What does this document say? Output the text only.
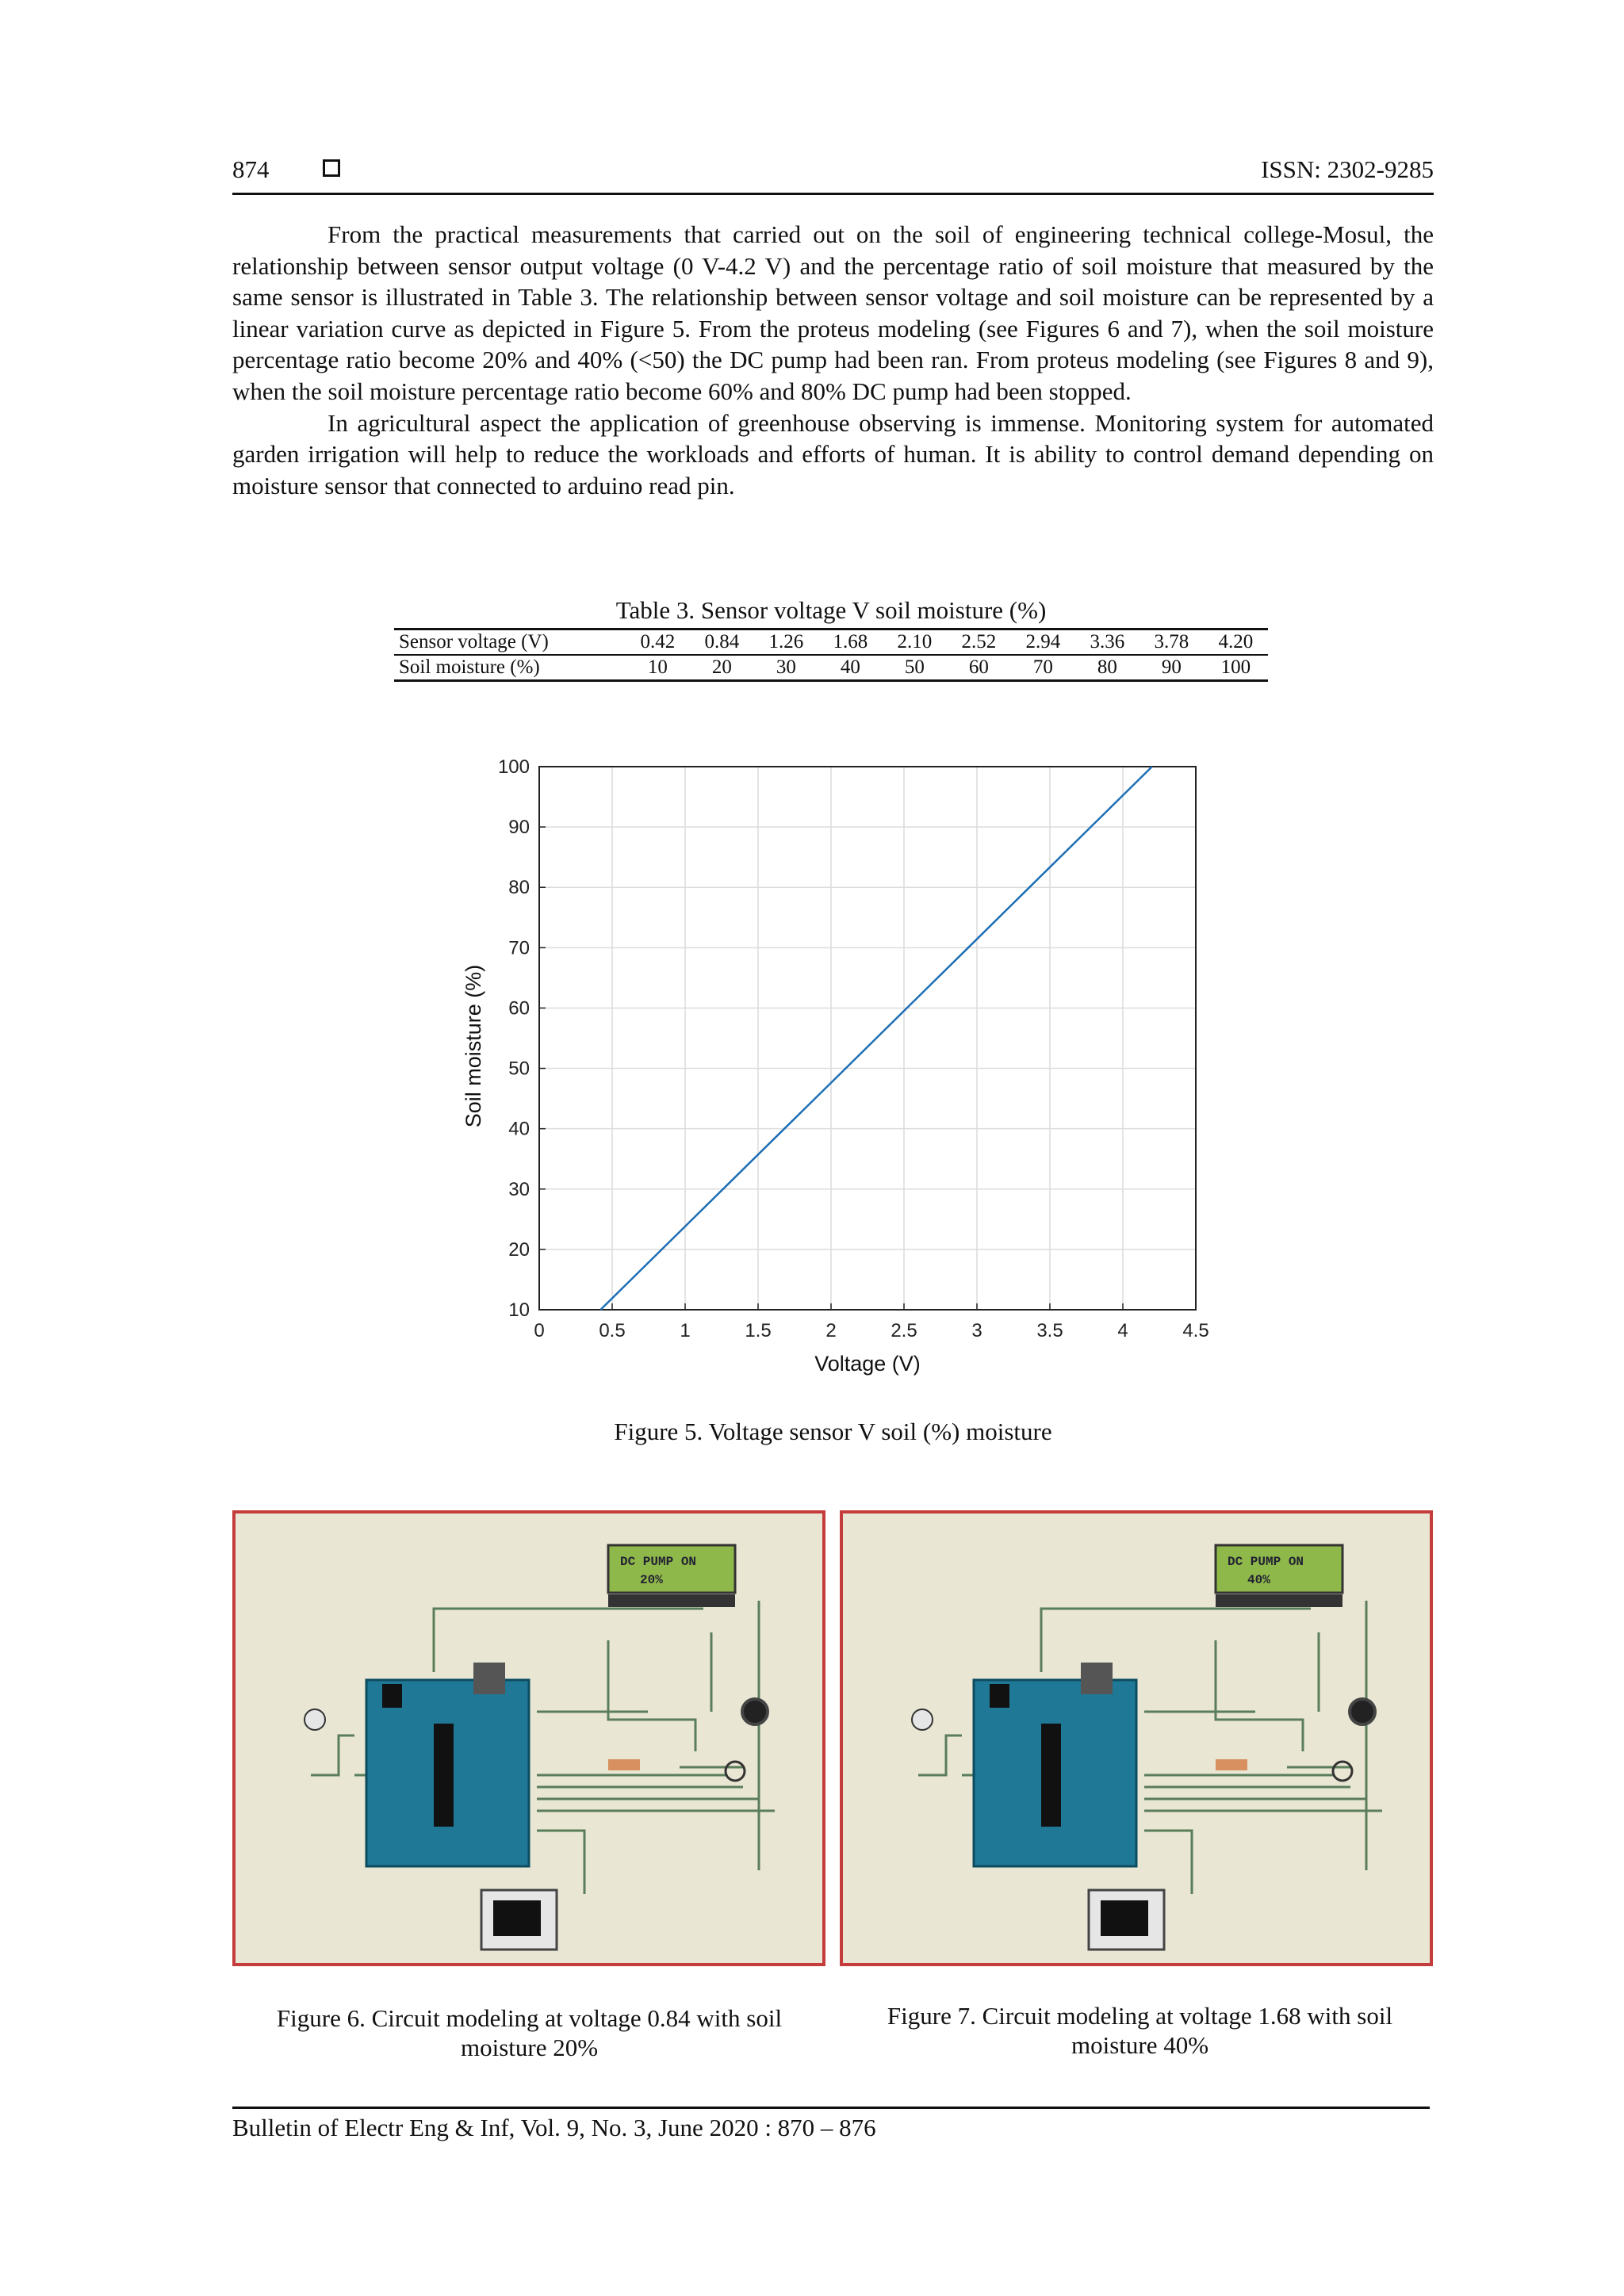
874	ISSN: 2302-9285

From the practical measurements that carried out on the soil of engineering technical college-Mosul, the relationship between sensor output voltage (0 V-4.2 V) and the percentage ratio of soil moisture that measured by the same sensor is illustrated in Table 3. The relationship between sensor voltage and soil moisture can be represented by a linear variation curve as depicted in Figure 5. From the proteus modeling (see Figures 6 and 7), when the soil moisture percentage ratio become 20% and 40% (<50) the DC pump had been ran. From proteus modeling (see Figures 8 and 9), when the soil moisture percentage ratio become 60% and 80% DC pump had been stopped.

In agricultural aspect the application of greenhouse observing is immense. Monitoring system for automated garden irrigation will help to reduce the workloads and efforts of human. It is ability to control demand depending on moisture sensor that connected to arduino read pin.

Table 3. Sensor voltage V soil moisture (%)
Sensor voltage (V)	0.42	0.84	1.26	1.68	2.10	2.52	2.94	3.36	3.78	4.20
Soil moisture (%)	10	20	30	40	50	60	70	80	90	100
0	0.5	1	1.5	2	2.5	3	3.5	4	4.5
10
20
30
40
50
60
70
80
90
100
Voltage (V)
Soil moisture (%)
Figure 5. Voltage sensor V soil (%) moisture
DC PUMP ON
20%
DC PUMP ON
40%
Figure 6. Circuit modeling at voltage 0.84 with soil moisture 20%
Figure 7. Circuit modeling at voltage 1.68 with soil moisture 40%
Bulletin of Electr Eng & Inf, Vol. 9, No. 3, June 2020 : 870 – 876
